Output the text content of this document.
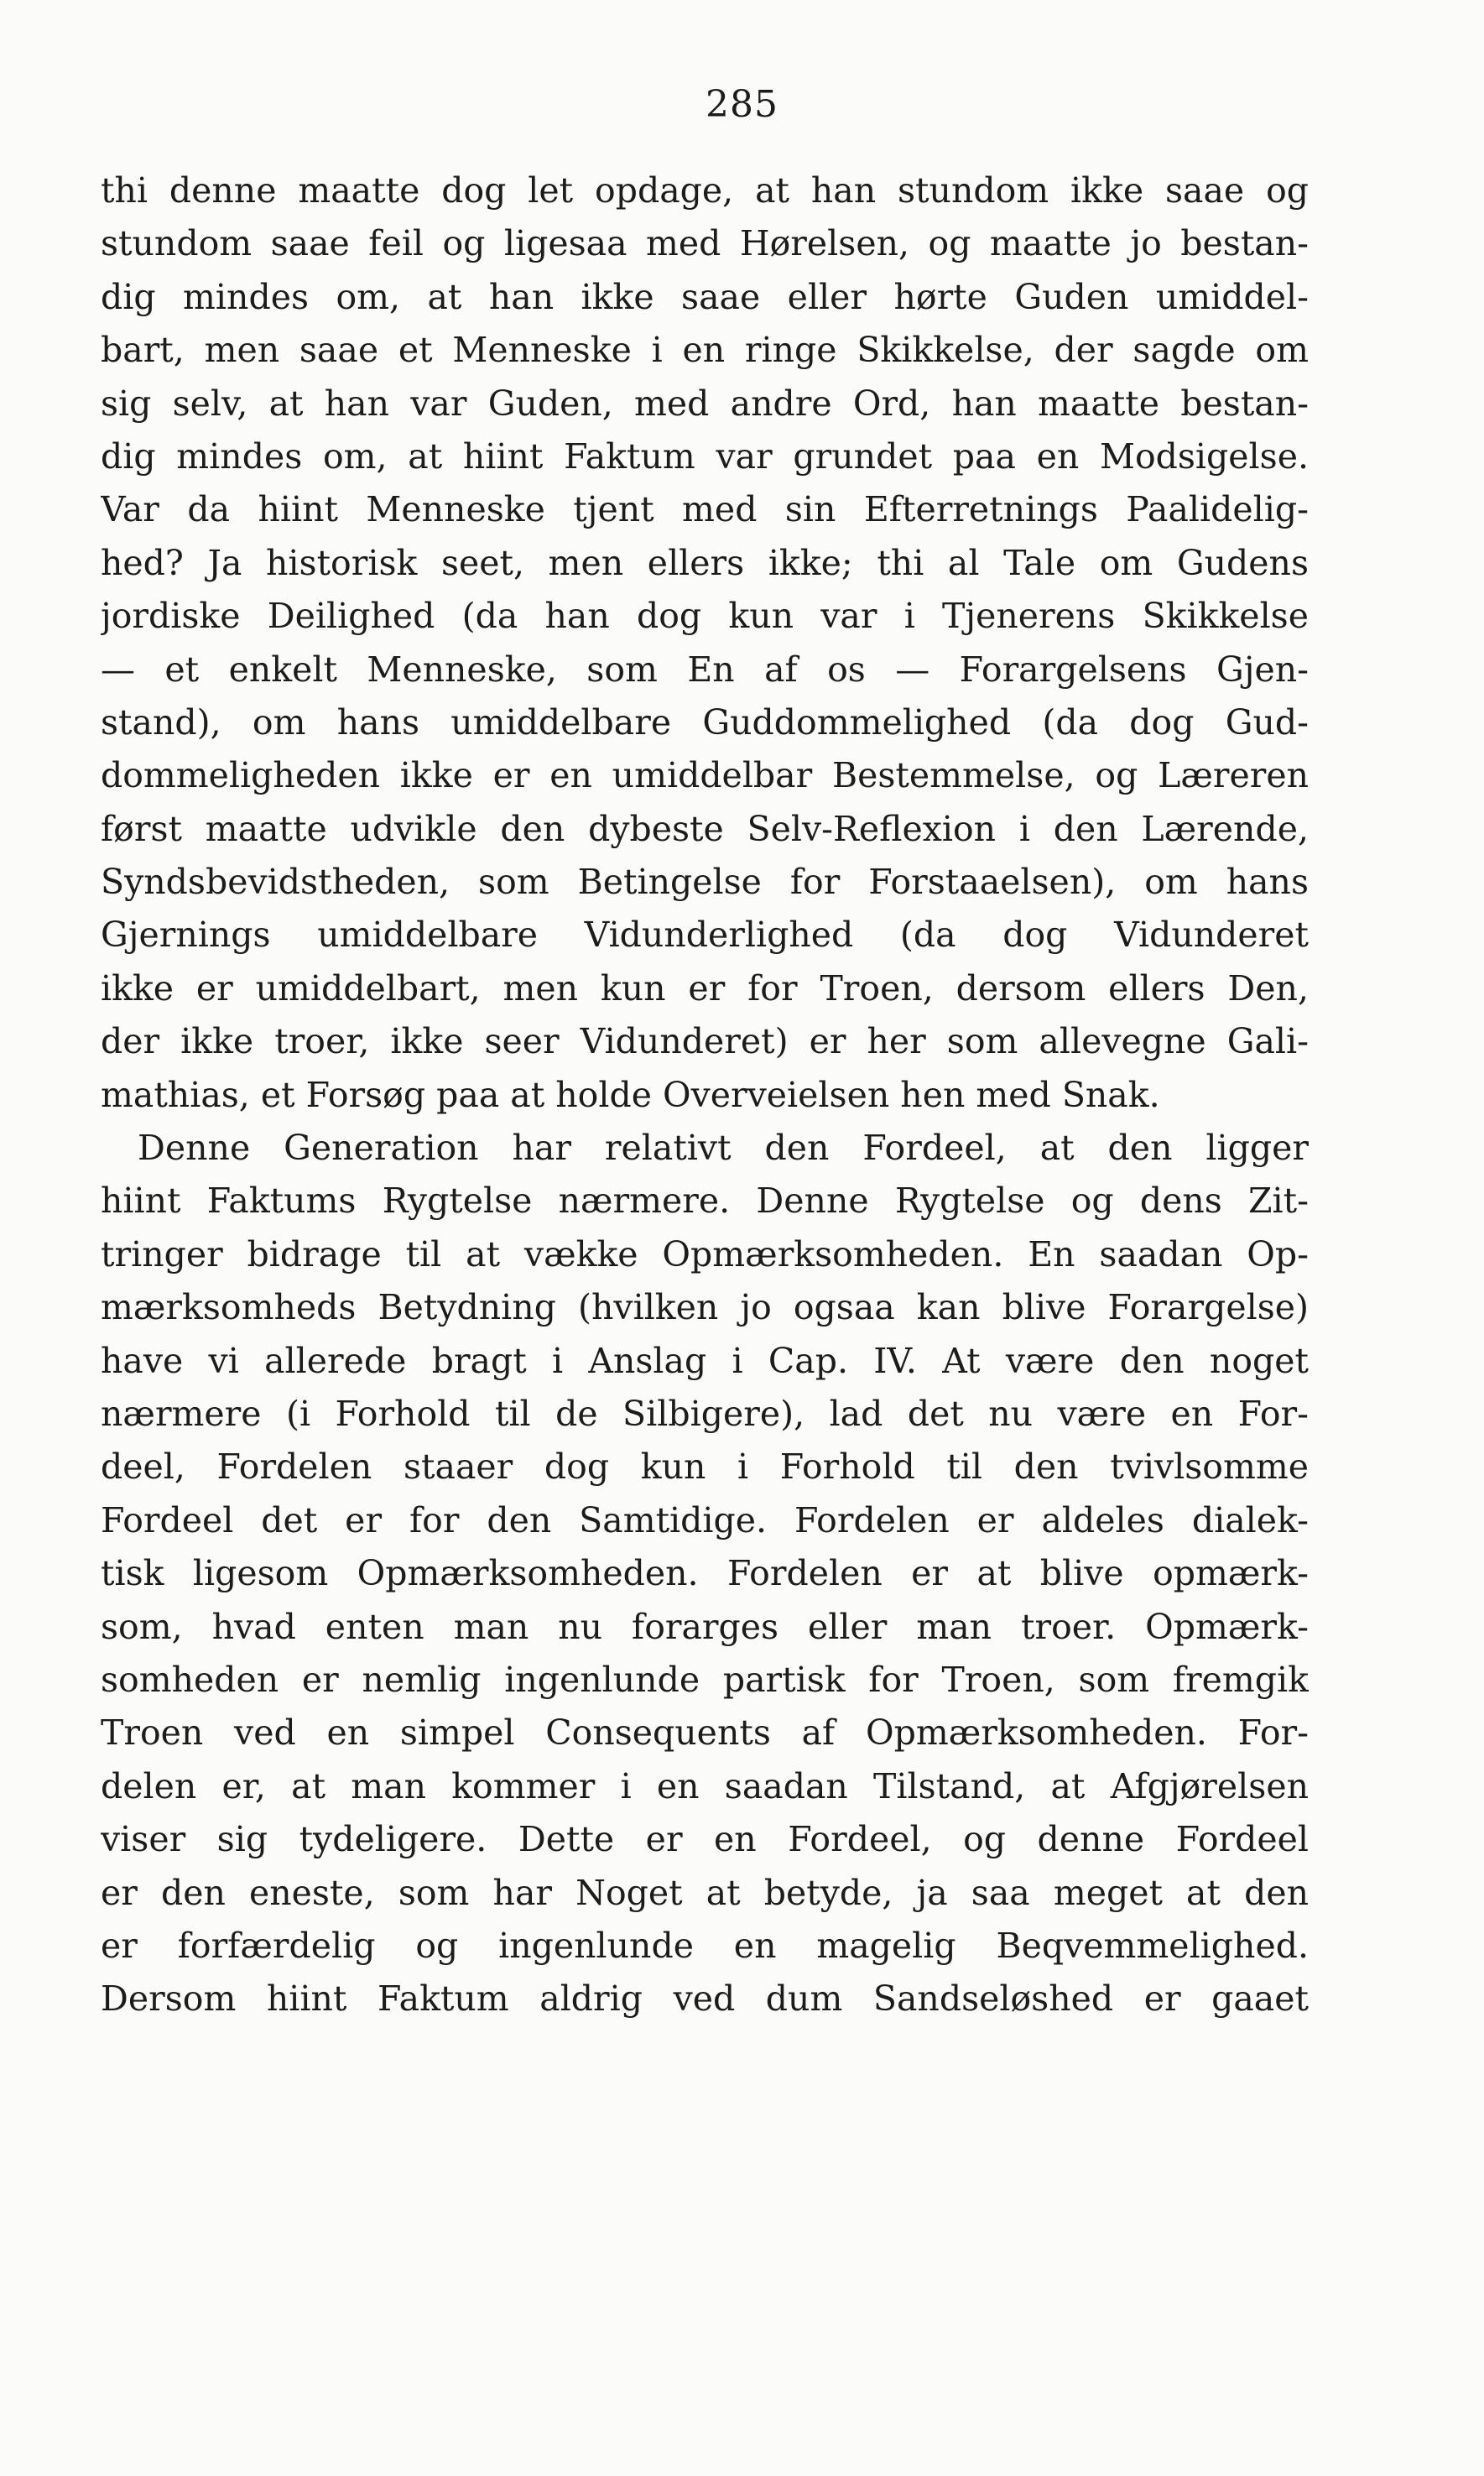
285
thi denne maatte dog let opdage, at han stundom ikke saae og
stundom saae feil og ligesaa med Hørelsen, og maatte jo bestan-
dig mindes om, at han ikke saae eller hørte Guden umiddel-
bart, men saae et Menneske i en ringe Skikkelse, der sagde om
sig selv, at han var Guden, med andre Ord, han maatte bestan-
dig mindes om, at hiint Faktum var grundet paa en Modsigelse.
Var da hiint Menneske tjent med sin Efterretnings Paalidelig-
hed? Ja historisk seet, men ellers ikke; thi al Tale om Gudens
jordiske Deilighed (da han dog kun var i Tjenerens Skikkelse
— et enkelt Menneske, som En af os — Forargelsens Gjen-
stand), om hans umiddelbare Guddommelighed (da dog Gud-
dommeligheden ikke er en umiddelbar Bestemmelse, og Læreren
først maatte udvikle den dybeste Selv-Reflexion i den Lærende,
Syndsbevidstheden, som Betingelse for Forstaaelsen), om hans
Gjernings umiddelbare Vidunderlighed (da dog Vidunderet
ikke er umiddelbart, men kun er for Troen, dersom ellers Den,
der ikke troer, ikke seer Vidunderet) er her som allevegne Gali-
mathias, et Forsøg paa at holde Overveielsen hen med Snak.
Denne Generation har relativt den Fordeel, at den ligger
hiint Faktums Rygtelse nærmere. Denne Rygtelse og dens Zit-
tringer bidrage til at vække Opmærksomheden. En saadan Op-
mærksomheds Betydning (hvilken jo ogsaa kan blive Forargelse)
have vi allerede bragt i Anslag i Cap. IV. At være den noget
nærmere (i Forhold til de Silbigere), lad det nu være en For-
deel, Fordelen staaer dog kun i Forhold til den tvivlsomme
Fordeel det er for den Samtidige. Fordelen er aldeles dialek-
tisk ligesom Opmærksomheden. Fordelen er at blive opmærk-
som, hvad enten man nu forarges eller man troer. Opmærk-
somheden er nemlig ingenlunde partisk for Troen, som fremgik
Troen ved en simpel Consequents af Opmærksomheden. For-
delen er, at man kommer i en saadan Tilstand, at Afgjørelsen
viser sig tydeligere. Dette er en Fordeel, og denne Fordeel
er den eneste, som har Noget at betyde, ja saa meget at den
er forfærdelig og ingenlunde en magelig Beqvemmelighed.
Dersom hiint Faktum aldrig ved dum Sandseløshed er gaaet
